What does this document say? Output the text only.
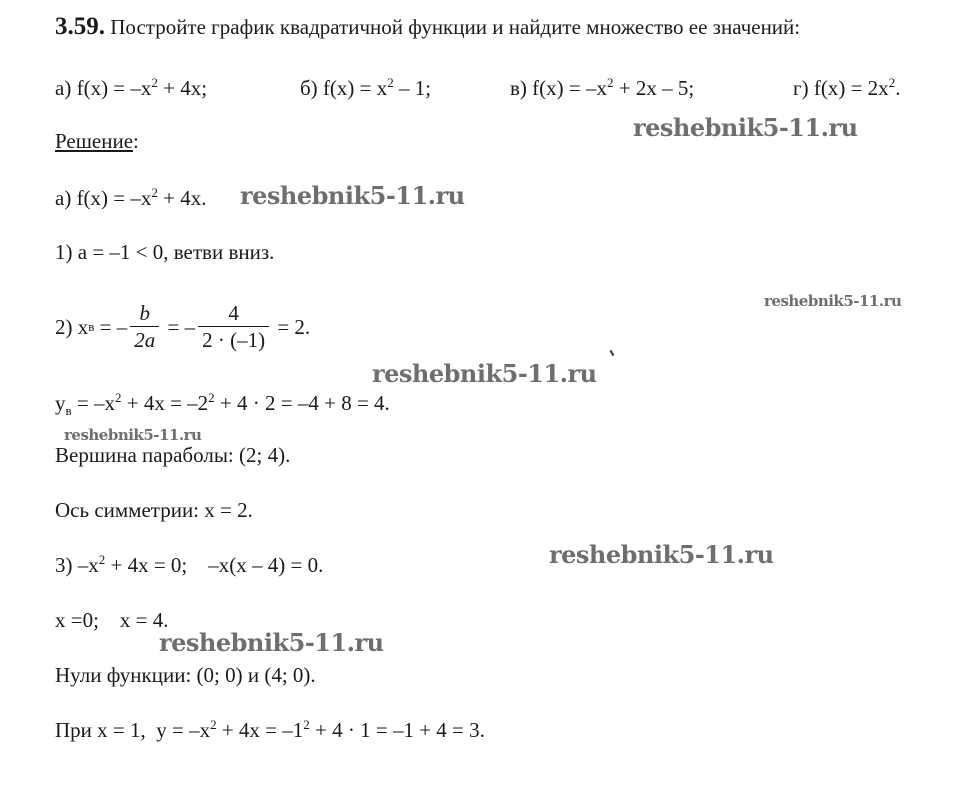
3.59. Постройте график квадратичной функции и найдите множество ее значений:
а) $f(x) = -x^2 + 4x$;	б) $f(x) = x^2 - 1$;	в) $f(x) = -x^2 + 2x - 5$;	г) $f(x) = 2x^2$.
Решение:
а) $f(x) = -x^2 + 4x$.
1) a = –1 < 0, ветви вниз.
2) x в = – $\frac{b}{2a}$ = – $\frac{4}{2 \cdot (-1)} = 2$.
$y_в = -x^2 + 4x = -2^2 + 4 \cdot 2 = -4 + 8 = 4$.
Вершина параболы: (2; 4).
Ось симметрии: x = 2.
3) $-x^2 + 4x = 0$;    –x(x – 4) = 0.
x =0;    x = 4.
Нули функции: (0; 0) и (4; 0).
При x = 1,  $y = -x^2 + 4x = -1^2 + 4 \cdot 1 = -1 + 4 = 3$.
reshebnik5-11.ru
reshebnik5-11.ru
reshebnik5-11.ru
reshebnik5-11.ru
reshebnik5-11.ru
reshebnik5-11.ru
reshebnik5-11.ru
